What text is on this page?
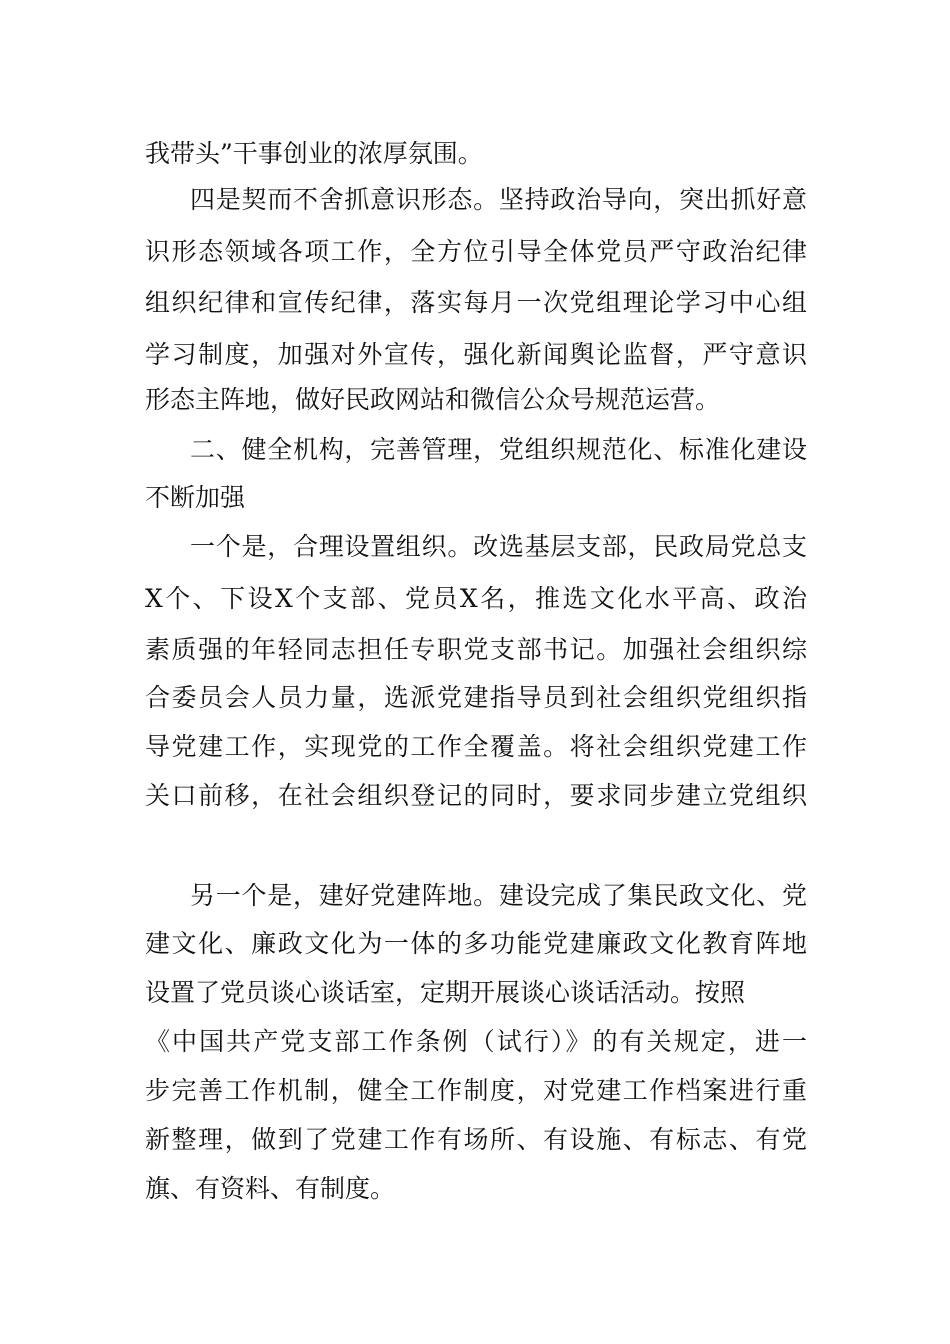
我带头”干事创业的浓厚氛围。
四是契而不舍抓意识形态。坚持政治导向，突出抓好意
识形态领域各项工作，全方位引导全体党员严守政治纪律
组织纪律和宣传纪律，落实每月一次党组理论学习中心组
学习制度，加强对外宣传，强化新闻舆论监督，严守意识
形态主阵地，做好民政网站和微信公众号规范运营。
二、健全机构，完善管理，党组织规范化、标准化建设
不断加强
一个是，合理设置组织。改选基层支部，民政局党总支
X个、下设X个支部、党员X名，推选文化水平高、政治
素质强的年轻同志担任专职党支部书记。加强社会组织综
合委员会人员力量，选派党建指导员到社会组织党组织指
导党建工作，实现党的工作全覆盖。将社会组织党建工作
关口前移，在社会组织登记的同时，要求同步建立党组织
另一个是，建好党建阵地。建设完成了集民政文化、党
建文化、廉政文化为一体的多功能党建廉政文化教育阵地
设置了党员谈心谈话室，定期开展谈心谈话活动。按照
《中国共产党支部工作条例（试行）》的有关规定，进一
步完善工作机制，健全工作制度，对党建工作档案进行重
新整理，做到了党建工作有场所、有设施、有标志、有党
旗、有资料、有制度。
